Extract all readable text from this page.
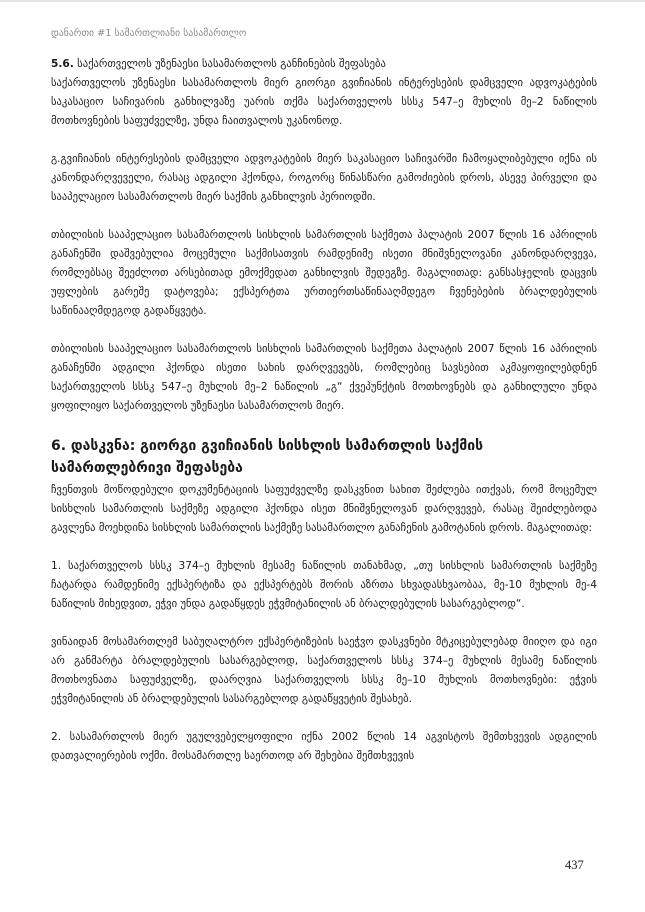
დანართი #1 სამართლიანი სასამართლო
5.6. საქართველოს უზენაესი სასამართლოს განჩინების შეფასება

საქართველოს უზენაესი სასამართლოს მიერ გიორგი გვიჩიანის ინტერესების დამცველი ადვოკატების საკასაციო საჩივარის განხილვაზე უარის თქმა საქართველოს სსსკ 547–ე მუხლის მე–2 ნაწილის მოთხოვნების საფუძველზე, უნდა ჩაითვალოს უკანონოდ.

გ.გვიჩიანის ინტერესების დამცველი ადვოკატების მიერ საკასაციო საჩივარში ჩამოყალიბებული იქნა ის კანონდარღვეველი, რასაც ადგილი ჰქონდა, როგორც წინასწარი გამოძიების დროს, ასევე პირველი და სააპელაციო სასამართლოს მიერ საქმის განხილვის პერიოდში.

თბილისის სააპელაციო სასამართლოს სისხლის სამართლის საქმეთა პალატის 2007 წლის 16 აპრილის განაჩენში დაშვებულია მოცემული საქმისათვის რამდენიმე ისეთი მნიშვნელოვანი კანონდარღვევა, რომლებსაც შეეძლოთ არსებითად ემოქმედათ განხილვის შედეგზე. მაგალითად: განსასჯელის დაცვის უფლების გარეშე დატოვება; ექსპერტთა ურთიერთსაწინააღმდეგო ჩვენებების ბრალდებულის საწინააღმდეგოდ გადაწყვეტა.

თბილისის სააპელაციო სასამართლოს სისხლის სამართლის საქმეთა პალატის 2007 წლის 16 აპრილის განაჩენში ადგილი ჰქონდა ისეთი სახის დარღვევებს, რომლებიც სავსებით აკმაყოფილებდნენ საქართველოს სსსკ 547–ე მუხლის მე–2 ნაწილის „გ“ ქვეპუნქტის მოთხოვნებს და განხილული უნდა ყოფილიყო საქართველოს უზენაესი სასამართლოს მიერ.

6. დასკვნა: გიორგი გვიჩიანის სისხლის სამართლის საქმის სამართლებრივი შეფასება

ჩვენთვის მოწოდებული დოკუმენტაციის საფუძველზე დასკვნით სახით შეძლება ითქვას, რომ მოცემულ სისხლის სამართლის საქმეზე ადგილი ჰქონდა ისეთ მნიშვნელოვან დარღვევებ, რასაც შეიძლებოდა გავლენა მოეხდინა სისხლის სამართლის საქმეზე სასამართლო განაჩენის გამოტანის დროს. მაგალითად:

1. საქართველოს სსსკ 374–ე მუხლის მესამე ნაწილის თანახმად, „თუ სისხლის სამართლის საქმეზე ჩატარდა რამდენიმე ექსპერტიზა და ექსპერტებს შორის აზრთა სხვადასხვაობაა, მე-10 მუხლის მე-4 ნაწილის მიხედვით, ეჭვი უნდა გადაწყდეს ეჭვმიტანილის ან ბრალდებულის სასარგებლოდ“.

ვინაიდან მოსამართლემ საბუღალტრო ექსპერტიზების საეჭვო დასკვნები მტკიცებულებად მიიღო და იგი არ განმარტა ბრალდებულის სასარგებლოდ, საქართველოს სსსკ 374–ე მუხლის მესამე ნაწილის მოთხოვნათა საფუძველზე, დაარღვია საქართველოს სსსკ მე–10 მუხლის მოთხოვნები: ეჭვის ეჭვმიტანილის ან ბრალდებულის სასარგებლოდ გადაწყვეტის შესახებ.

2. სასამართლოს მიერ უგულვებელყოფილი იქნა 2002 წლის 14 აგვისტოს შემთხვევის ადგილის დათვალიერების ოქმი. მოსამართლე საერთოდ არ შეხებია შემთხვევის

437
